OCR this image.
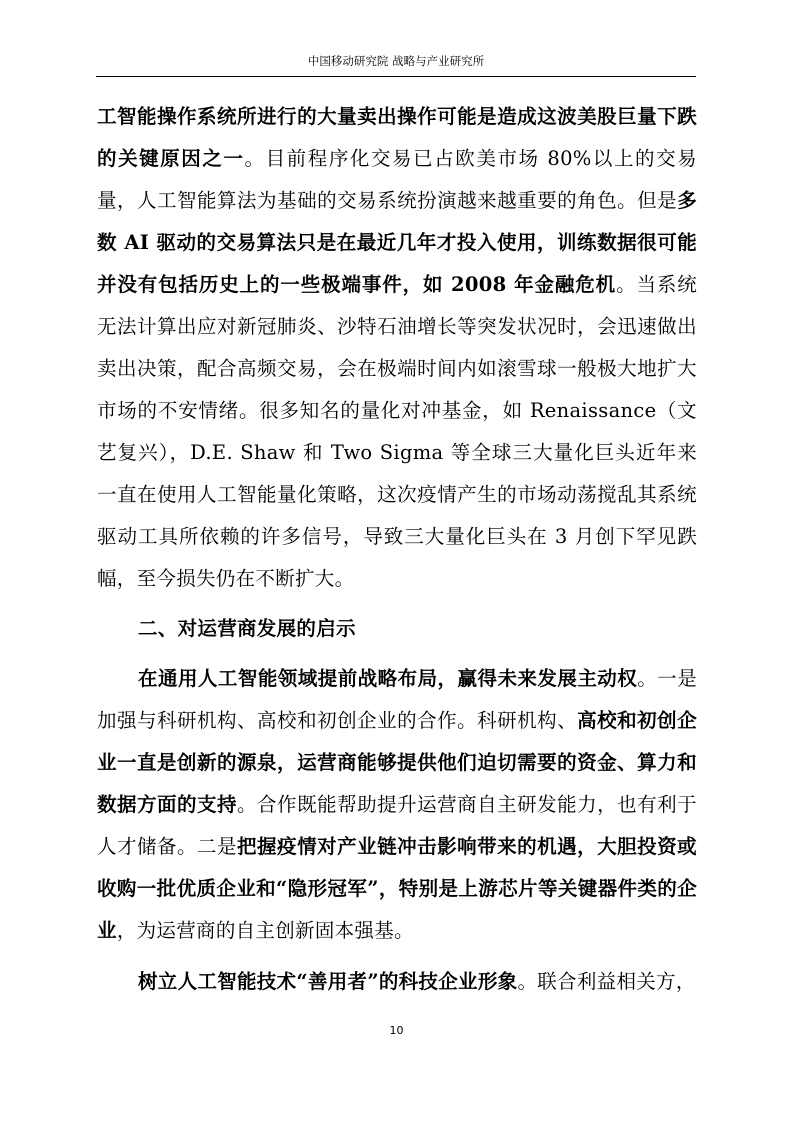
中国移动研究院 战略与产业研究所

工智能操作系统所进行的大量卖出操作可能是造成这波美股巨量下跌的关键原因之一。目前程序化交易已占欧美市场 80%以上的交易量，人工智能算法为基础的交易系统扮演越来越重要的角色。但是多数 AI 驱动的交易算法只是在最近几年才投入使用，训练数据很可能并没有包括历史上的一些极端事件，如 2008 年金融危机。当系统无法计算出应对新冠肺炎、沙特石油增长等突发状况时，会迅速做出卖出决策，配合高频交易，会在极端时间内如滚雪球一般极大地扩大市场的不安情绪。很多知名的量化对冲基金，如 Renaissance（文艺复兴），D.E. Shaw 和 Two Sigma 等全球三大量化巨头近年来一直在使用人工智能量化策略，这次疫情产生的市场动荡搅乱其系统驱动工具所依赖的许多信号，导致三大量化巨头在 3 月创下罕见跌幅，至今损失仍在不断扩大。

二、对运营商发展的启示

在通用人工智能领域提前战略布局，赢得未来发展主动权。一是加强与科研机构、高校和初创企业的合作。科研机构、高校和初创企业一直是创新的源泉，运营商能够提供他们迫切需要的资金、算力和数据方面的支持。合作既能帮助提升运营商自主研发能力，也有利于人才储备。二是把握疫情对产业链冲击影响带来的机遇，大胆投资或收购一批优质企业和“隐形冠军”，特别是上游芯片等关键器件类的企业，为运营商的自主创新固本强基。

树立人工智能技术“善用者”的科技企业形象。联合利益相关方，

10
